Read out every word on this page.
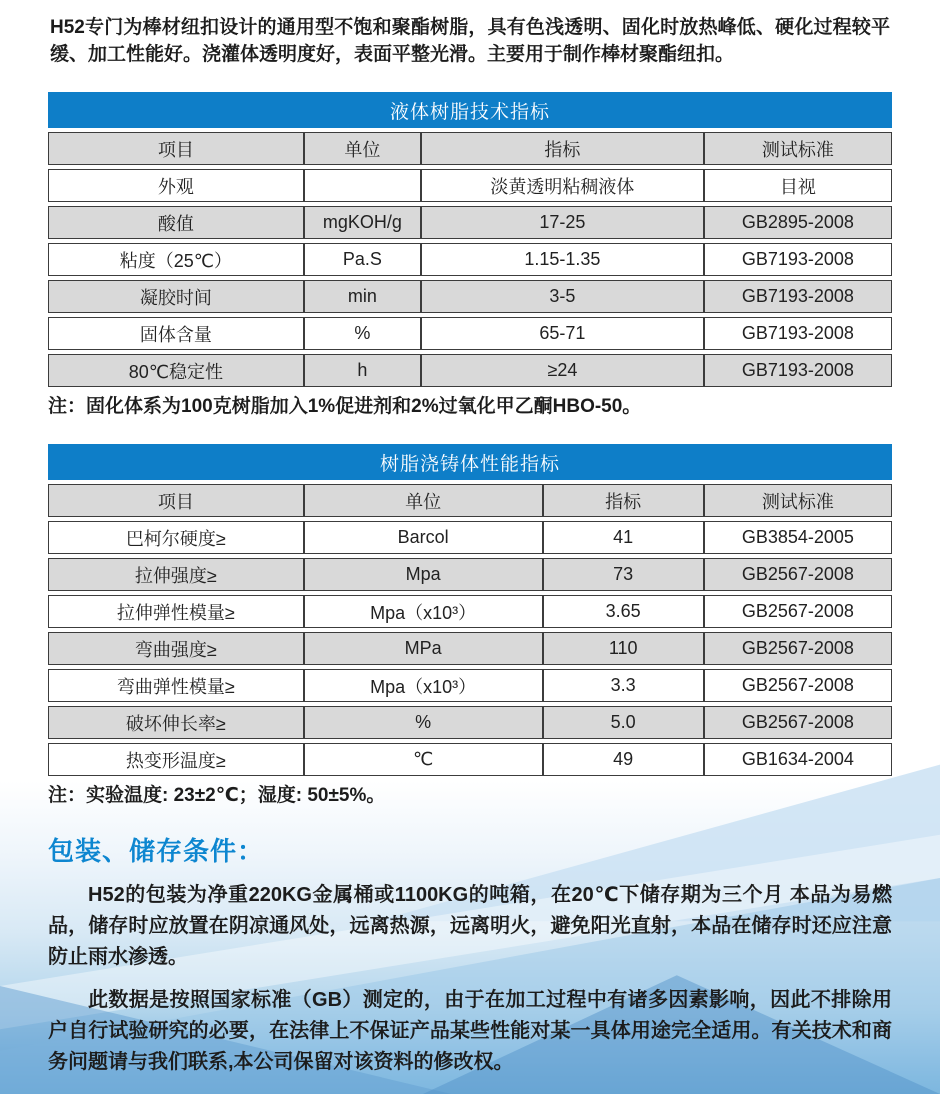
H52专门为棒材纽扣设计的通用型不饱和聚酯树脂，具有色浅透明、固化时放热峰低、硬化过程较平缓、加工性能好。浇灌体透明度好，表面平整光滑。主要用于制作棒材聚酯纽扣。

液体树脂技术指标
项目	单位	指标	测试标准
外观		淡黄透明粘稠液体	目视
酸值	mgKOH/g	17-25	GB2895-2008
粘度（25℃）	Pa.S	1.15-1.35	GB7193-2008
凝胶时间	min	3-5	GB7193-2008
固体含量	%	65-71	GB7193-2008
80℃稳定性	h	≥24	GB7193-2008

注：固化体系为100克树脂加入1%促进剂和2%过氧化甲乙酮HBO-50。

树脂浇铸体性能指标
项目	单位	指标	测试标准
巴柯尔硬度≥	Barcol	41	GB3854-2005
拉伸强度≥	Mpa	73	GB2567-2008
拉伸弹性模量≥	Mpa（x10³）	3.65	GB2567-2008
弯曲强度≥	MPa	110	GB2567-2008
弯曲弹性模量≥	Mpa（x10³）	3.3	GB2567-2008
破坏伸长率≥	%	5.0	GB2567-2008
热变形温度≥	℃	49	GB1634-2004

注：实验温度: 23±2℃；湿度: 50±5%。

包装、储存条件：

H52的包装为净重220KG金属桶或1100KG的吨箱，在20℃下储存期为三个月 本品为易燃品，储存时应放置在阴凉通风处，远离热源，远离明火，避免阳光直射，本品在储存时还应注意防止雨水渗透。

此数据是按照国家标准（GB）测定的，由于在加工过程中有诸多因素影响，因此不排除用户自行试验研究的必要，在法律上不保证产品某些性能对某一具体用途完全适用。有关技术和商务问题请与我们联系,本公司保留对该资料的修改权。
